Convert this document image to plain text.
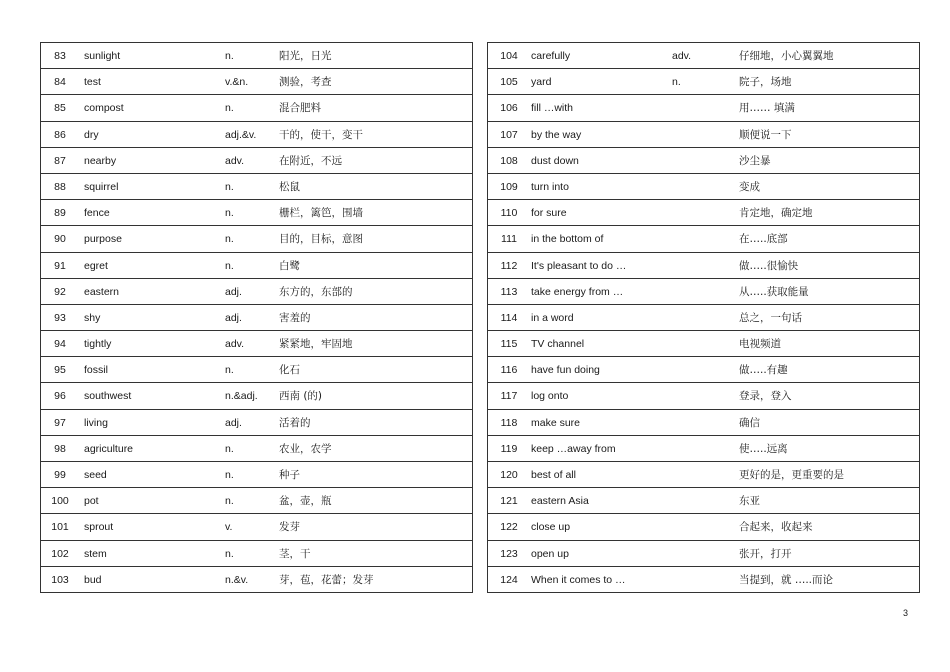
83	sunlight	n.	阳光，日光
84	test	v.&n.	测验，考查
85	compost	n.	混合肥料
86	dry	adj.&v. 干的，使干，变干
87	nearby	adv.	在附近，不远
88	squirrel	n.	松鼠
89	fence	n.	栅栏，篱笆，围墙
90	purpose	n.	目的，目标，意图
91	egret	n.	白鹭
92	eastern	adj.	东方的，东部的
93	shy	adj.	害羞的
94	tightly	adv.	紧紧地，牢固地
95	fossil	n.	化石
96	southwest	n.&adj. 西南 (的)
97	living	adj.	活着的
98	agriculture	n.	农业，农学
99	seed	n.	种子
100	pot	n.	盆，壶，瓶
101	sprout	v.	发芽
102	stem	n.	茎，干
103	bud	n.&v.	芽，苞，花蕾；发芽
104	carefully	adv.	仔细地，小心翼翼地
105	yard	n.	院子，场地
106	fill …with	用…… 填满
107	by the way	顺便说一下
108	dust down	沙尘暴
109	turn into	变成
110	for sure	肯定地，确定地
111	in the bottom of	在…..底部
112	It's pleasant to do …	做…..很愉快
113	take energy from …	从…..获取能量
114	in a word	总之，一句话
115	TV channel	电视频道
116	have fun doing	做…..有趣
117	log onto	登录，登入
118	make sure	确信
119	keep …away from	使…..远离
120	best of all	更好的是，更重要的是
121	eastern Asia	东亚
122	close up	合起来，收起来
123	open up	张开，打开
124	When it comes to …	当提到，就 …..而论
3
